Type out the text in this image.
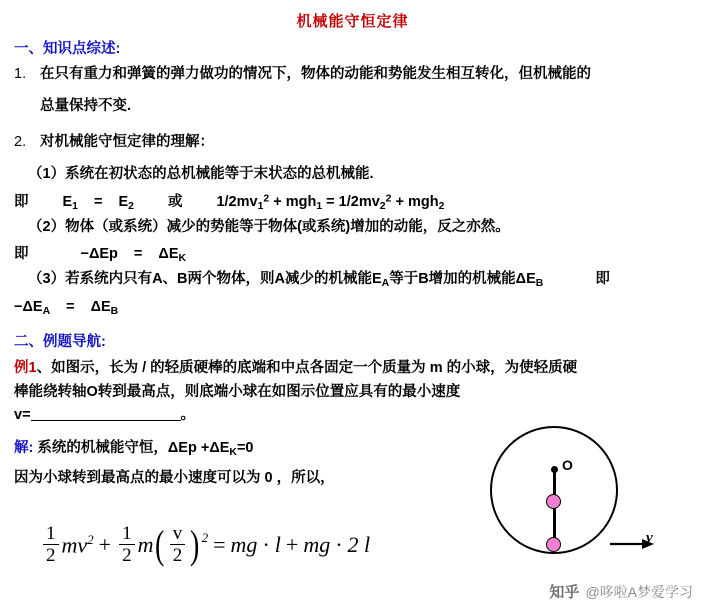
机械能守恒定律
一、知识点综述:
1. 在只有重力和弹簧的弹力做功的情况下，物体的动能和势能发生相互转化，但机械能的
总量保持不变.
2. 对机械能守恒定律的理解：
（1）系统在初状态的总机械能等于末状态的总机械能.
即 $E_1 = E_2$ 或 $1/2mv_1^2 + mgh_1 = 1/2mv_2^2 + mgh_2$
（2）物体（或系统）减少的势能等于物体(或系统)增加的动能，反之亦然。
即	$-\Delta Ep = \Delta E_K$
（3）若系统内只有A、B两个物体，则A减少的机械能$E_A$等于B增加的机械能$\Delta E_B$	即
$-\Delta E_A = \Delta E_B$
二、例题导航:
例1、如图示，长为 / 的轻质硬棒的底端和中点各固定一个质量为 m 的小球，为使轻质硬
棒能绕转轴O转到最高点，则底端小球在如图示位置应具有的最小速度
v=	。
解: 系统的机械能守恒，$\Delta Ep +\Delta E_K=0$
因为小球转到最高点的最小速度可以为 0 ，所以，
O
v
$\frac{1}{2} mv^2 + \frac{1}{2}$ m ( $\frac{v}{2}$ ) 2 = mg · l + mg · 2 l
知乎 @哆啦A梦爱学习
